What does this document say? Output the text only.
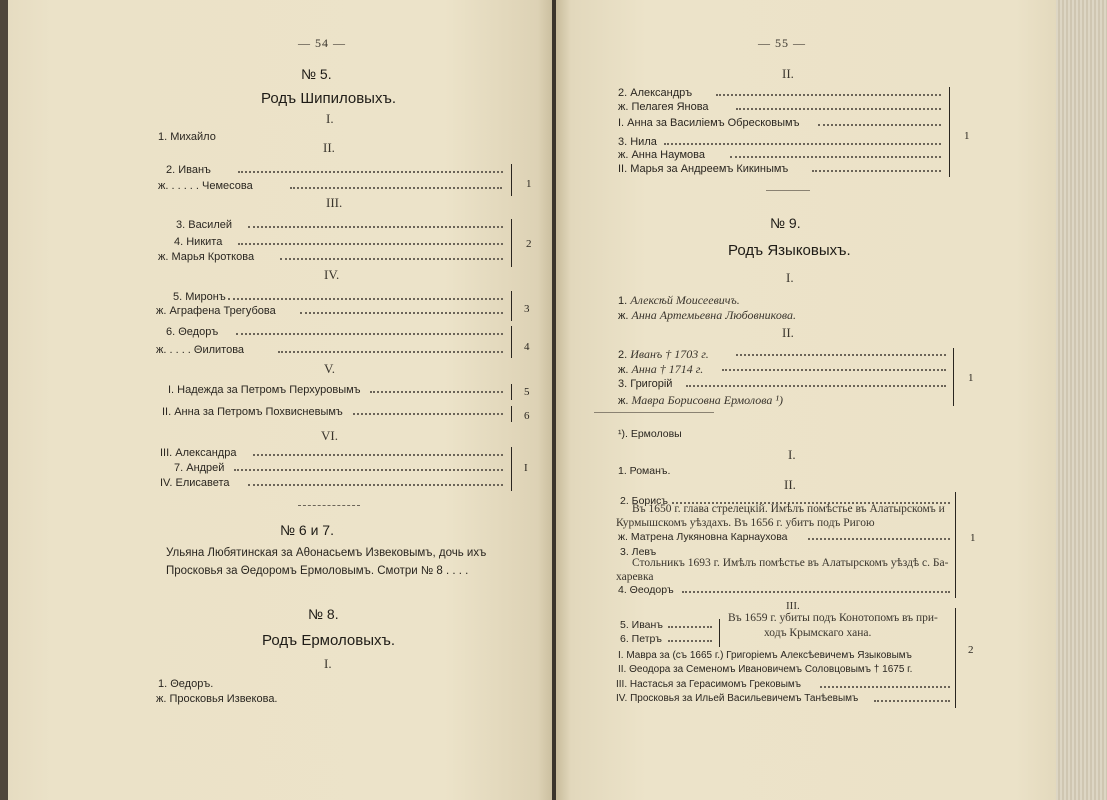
— 54 —
№ 5.
Родъ Шипиловыхъ.
I.
1. Михайло
II.
2. Иванъ
ж. . . . . . Чемесова	1
III.
3. Василей
4. Никита
ж. Марья Кроткова
2
IV.
5. Миронъ
ж. Аграфена Трегубова	3
6. Θедоръ
ж. . . . . Θилитова	4
V.
I. Надежда за Петромъ Перхуровымъ	5
II. Анна за Петромъ Похвисневымъ	6
VI.
III. Александра
7. Андрей
IV. Елисавета
I
№ 6 и 7.
Ульяна Любятинская за Аθонасьемъ Извековымъ, дочь ихъ
Просковья за Θедоромъ Ермоловымъ. Смотри № 8 . . . .
№ 8.
Родъ Ермоловыхъ.
I.
1. Θедоръ.
ж. Просковья Извекова.
— 55 —
II.
2. Александръ
ж. Пелагея Янова
I. Анна за Василіемъ Обресковымъ
3. Нила
ж. Анна Наумова
II. Марья за Андреемъ Кикинымъ
1
№ 9.
Родъ Языковыхъ.
I.
1. Алексѣй Моисеевичъ.
ж. Анна Артемьевна Любовникова.
II.
2. Иванъ † 1703 г.
ж. Анна † 1714 г.
3. Григорій
ж. Мавра Борисовна Ермолова ¹)
1
¹). Ермоловы
I.
1. Романъ.
II.
2. Борисъ
Въ 1650 г. глава стрелецкій. Имѣлъ помѣстье въ Алатырскомъ и
Курмышскомъ уѣздахъ. Въ 1656 г. убитъ подъ Ригою
ж. Матрена Лукяновна Карнаухова
3. Левъ
Стольникъ 1693 г. Имѣлъ помѣстье въ Алатырскомъ уѣздѣ с. Ба-
харевка
4. Θеодоръ
1
III.
5. Иванъ
6. Петръ
Въ 1659 г. убиты подъ Конотопомъ въ при-
ходъ Крымскаго хана.
I. Мавра за (съ 1665 г.) Григоріемъ Алексѣевичемъ Языковымъ
II. Θеодора за Семеномъ Ивановичемъ Соловцовымъ † 1675 г.
III. Настасья за Герасимомъ Грековымъ
IV. Просковья за Ильей Васильевичемъ Танѣевымъ
2
